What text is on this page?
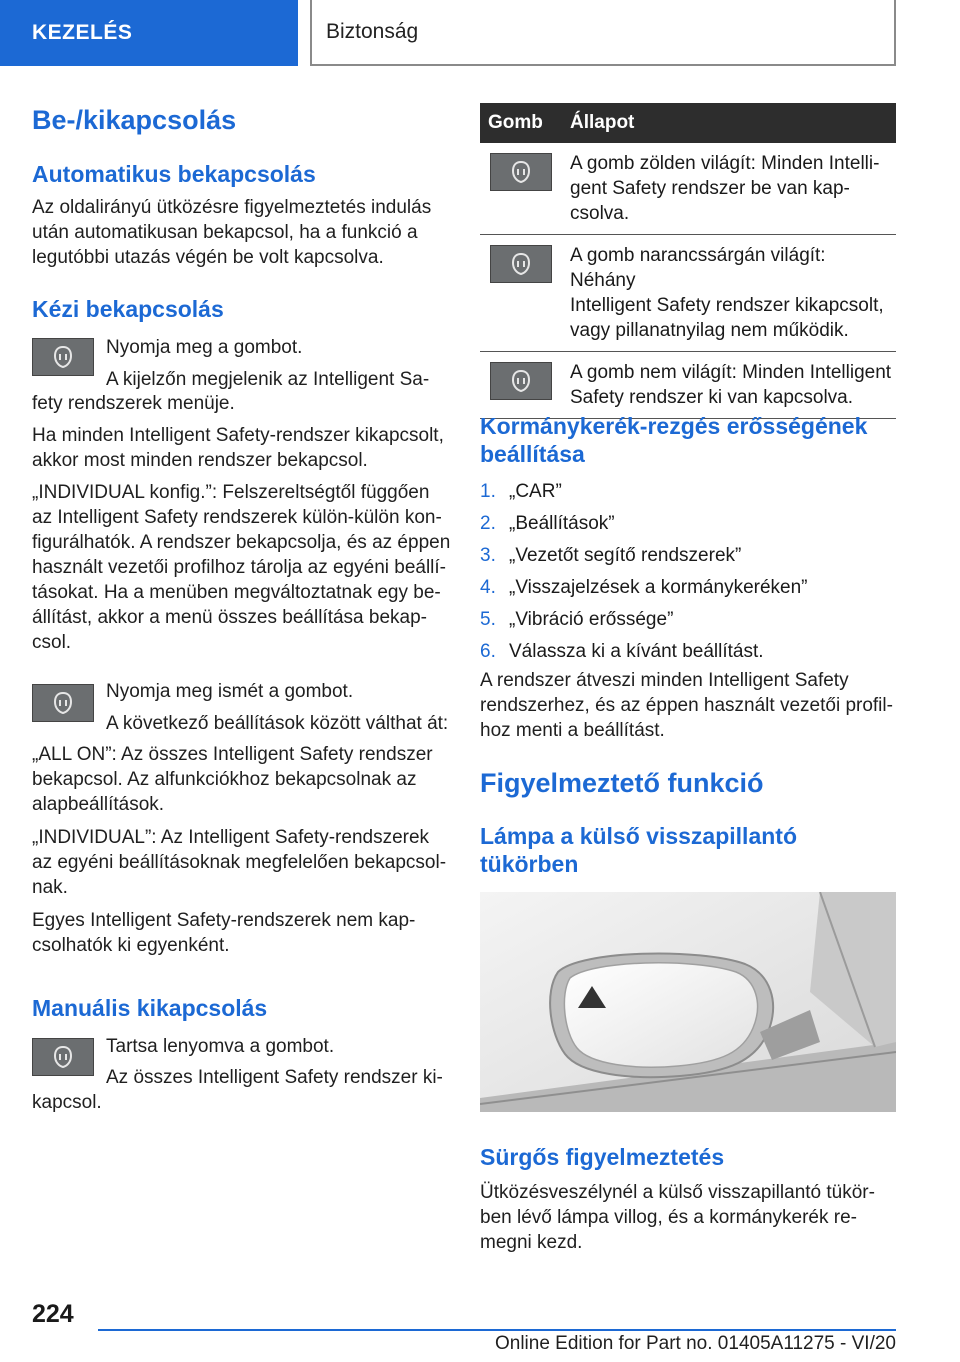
KEZELÉS	Biztonság
Be-/kikapcsolás
Automatikus bekapcsolás
Az oldalirányú ütközésre figyelmeztetés indulás
után automatikusan bekapcsol, ha a funkció a
legutóbbi utazás végén be volt kapcsolva.
Kézi bekapcsolás
Nyomja meg a gombot.
A kijelzőn megjelenik az Intelligent Sa-
fety rendszerek menüje.
Ha minden Intelligent Safety-rendszer kikapcsolt,
akkor most minden rendszer bekapcsol.
„INDIVIDUAL konfig.”: Felszereltségtől függően
az Intelligent Safety rendszerek külön-külön kon-
figurálhatók. A rendszer bekapcsolja, és az éppen
használt vezetői profilhoz tárolja az egyéni beállí-
tásokat. Ha a menüben megváltoztatnak egy be-
állítást, akkor a menü összes beállítása bekap-
csol.
Nyomja meg ismét a gombot.
A következő beállítások között válthat át:
„ALL ON”: Az összes Intelligent Safety rendszer
bekapcsol. Az alfunkciókhoz bekapcsolnak az
alapbeállítások.
„INDIVIDUAL”: Az Intelligent Safety-rendszerek
az egyéni beállításoknak megfelelően bekapcsol-
nak.
Egyes Intelligent Safety-rendszerek nem kap-
csolhatók ki egyenként.
Manuális kikapcsolás
Tartsa lenyomva a gombot.
Az összes Intelligent Safety rendszer ki-
kapcsol.
Gomb	Állapot

A gomb zölden világít: Minden Intelli-
gent Safety rendszer be van kap-
csolva.

A gomb narancssárgán világít: Néhány
Intelligent Safety rendszer kikapcsolt,
vagy pillanatnyilag nem működik.

A gomb nem világít: Minden Intelligent
Safety rendszer ki van kapcsolva.
Kormánykerék-rezgés erősségének
beállítása
1. „CAR”
2. „Beállítások”
3. „Vezetőt segítő rendszerek”
4. „Visszajelzések a kormánykeréken”
5. „Vibráció erőssége”
6. Válassza ki a kívánt beállítást.
A rendszer átveszi minden Intelligent Safety
rendszerhez, és az éppen használt vezetői profil-
hoz menti a beállítást.
Figyelmeztető funkció
Lámpa a külső visszapillantó
tükörben
Sürgős figyelmeztetés
Ütközésveszélynél a külső visszapillantó tükör-
ben lévő lámpa villog, és a kormánykerék re-
megni kezd.
224
Online Edition for Part no. 01405A11275 - VI/20
